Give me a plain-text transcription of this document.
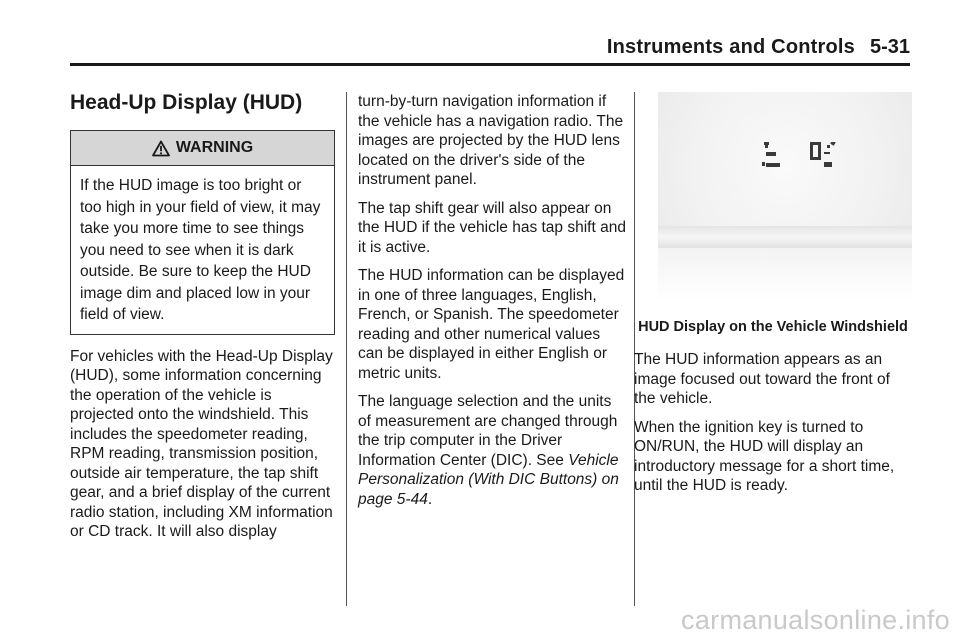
Instruments and Controls 5-31
Head-Up Display (HUD)
WARNING
If the HUD image is too bright or too high in your field of view, it may take you more time to see things you need to see when it is dark outside. Be sure to keep the HUD image dim and placed low in your field of view.

For vehicles with the Head-Up Display (HUD), some information concerning the operation of the vehicle is projected onto the windshield. This includes the speedometer reading, RPM reading, transmission position, outside air temperature, the tap shift gear, and a brief display of the current radio station, including XM information or CD track. It will also display

turn-by-turn navigation information if the vehicle has a navigation radio. The images are projected by the HUD lens located on the driver's side of the instrument panel.

The tap shift gear will also appear on the HUD if the vehicle has tap shift and it is active.

The HUD information can be displayed in one of three languages, English, French, or Spanish. The speedometer reading and other numerical values can be displayed in either English or metric units.

The language selection and the units of measurement are changed through the trip computer in the Driver Information Center (DIC). See Vehicle Personalization (With DIC Buttons) on page 5-44.

HUD Display on the Vehicle Windshield

The HUD information appears as an image focused out toward the front of the vehicle.

When the ignition key is turned to ON/RUN, the HUD will display an introductory message for a short time, until the HUD is ready.

carmanualsonline.info
